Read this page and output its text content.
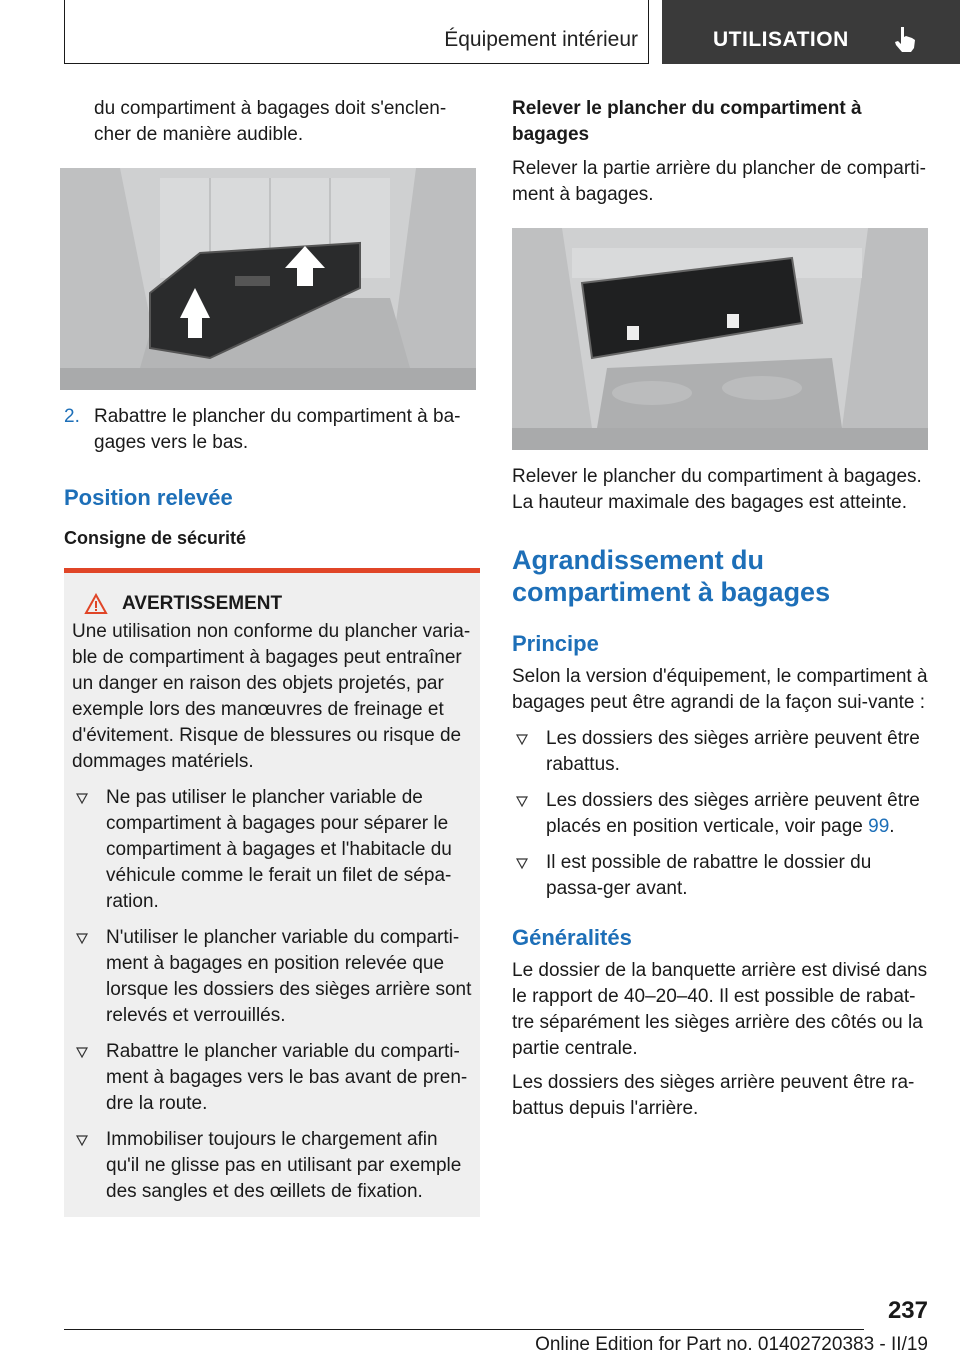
Équipement intérieur	UTILISATION

du compartiment à bagages doit s'enclen-cher de manière audible.

2. Rabattre le plancher du compartiment à ba-gages vers le bas.
Position relevée
Consigne de sécurité
AVERTISSEMENT

Une utilisation non conforme du plancher varia-ble de compartiment à bagages peut entraîner un danger en raison des objets projetés, par exemple lors des manœuvres de freinage et d'évitement. Risque de blessures ou risque de dommages matériels.

Ne pas utiliser le plancher variable de compartiment à bagages pour séparer le compartiment à bagages et l'habitacle du véhicule comme le ferait un filet de sépa-ration.
N'utiliser le plancher variable du comparti-ment à bagages en position relevée que lorsque les dossiers des sièges arrière sont relevés et verrouillés.
Rabattre le plancher variable du comparti-ment à bagages vers le bas avant de pren-dre la route.
Immobiliser toujours le chargement afin qu'il ne glisse pas en utilisant par exemple des sangles et des œillets de fixation.
Relever le plancher du compartiment à bagages

Relever la partie arrière du plancher de comparti-ment à bagages.

Relever le plancher du compartiment à bagages. La hauteur maximale des bagages est atteinte.

Agrandissement du compartiment à bagages
Principe

Selon la version d'équipement, le compartiment à bagages peut être agrandi de la façon sui-vante :

Les dossiers des sièges arrière peuvent être rabattus.
Les dossiers des sièges arrière peuvent être placés en position verticale, voir page 99.
Il est possible de rabattre le dossier du passa-ger avant.
Généralités

Le dossier de la banquette arrière est divisé dans le rapport de 40–20–40. Il est possible de rabat-tre séparément les sièges arrière des côtés ou la partie centrale.

Les dossiers des sièges arrière peuvent être ra-battus depuis l'arrière.

237
Online Edition for Part no. 01402720383 - II/19
